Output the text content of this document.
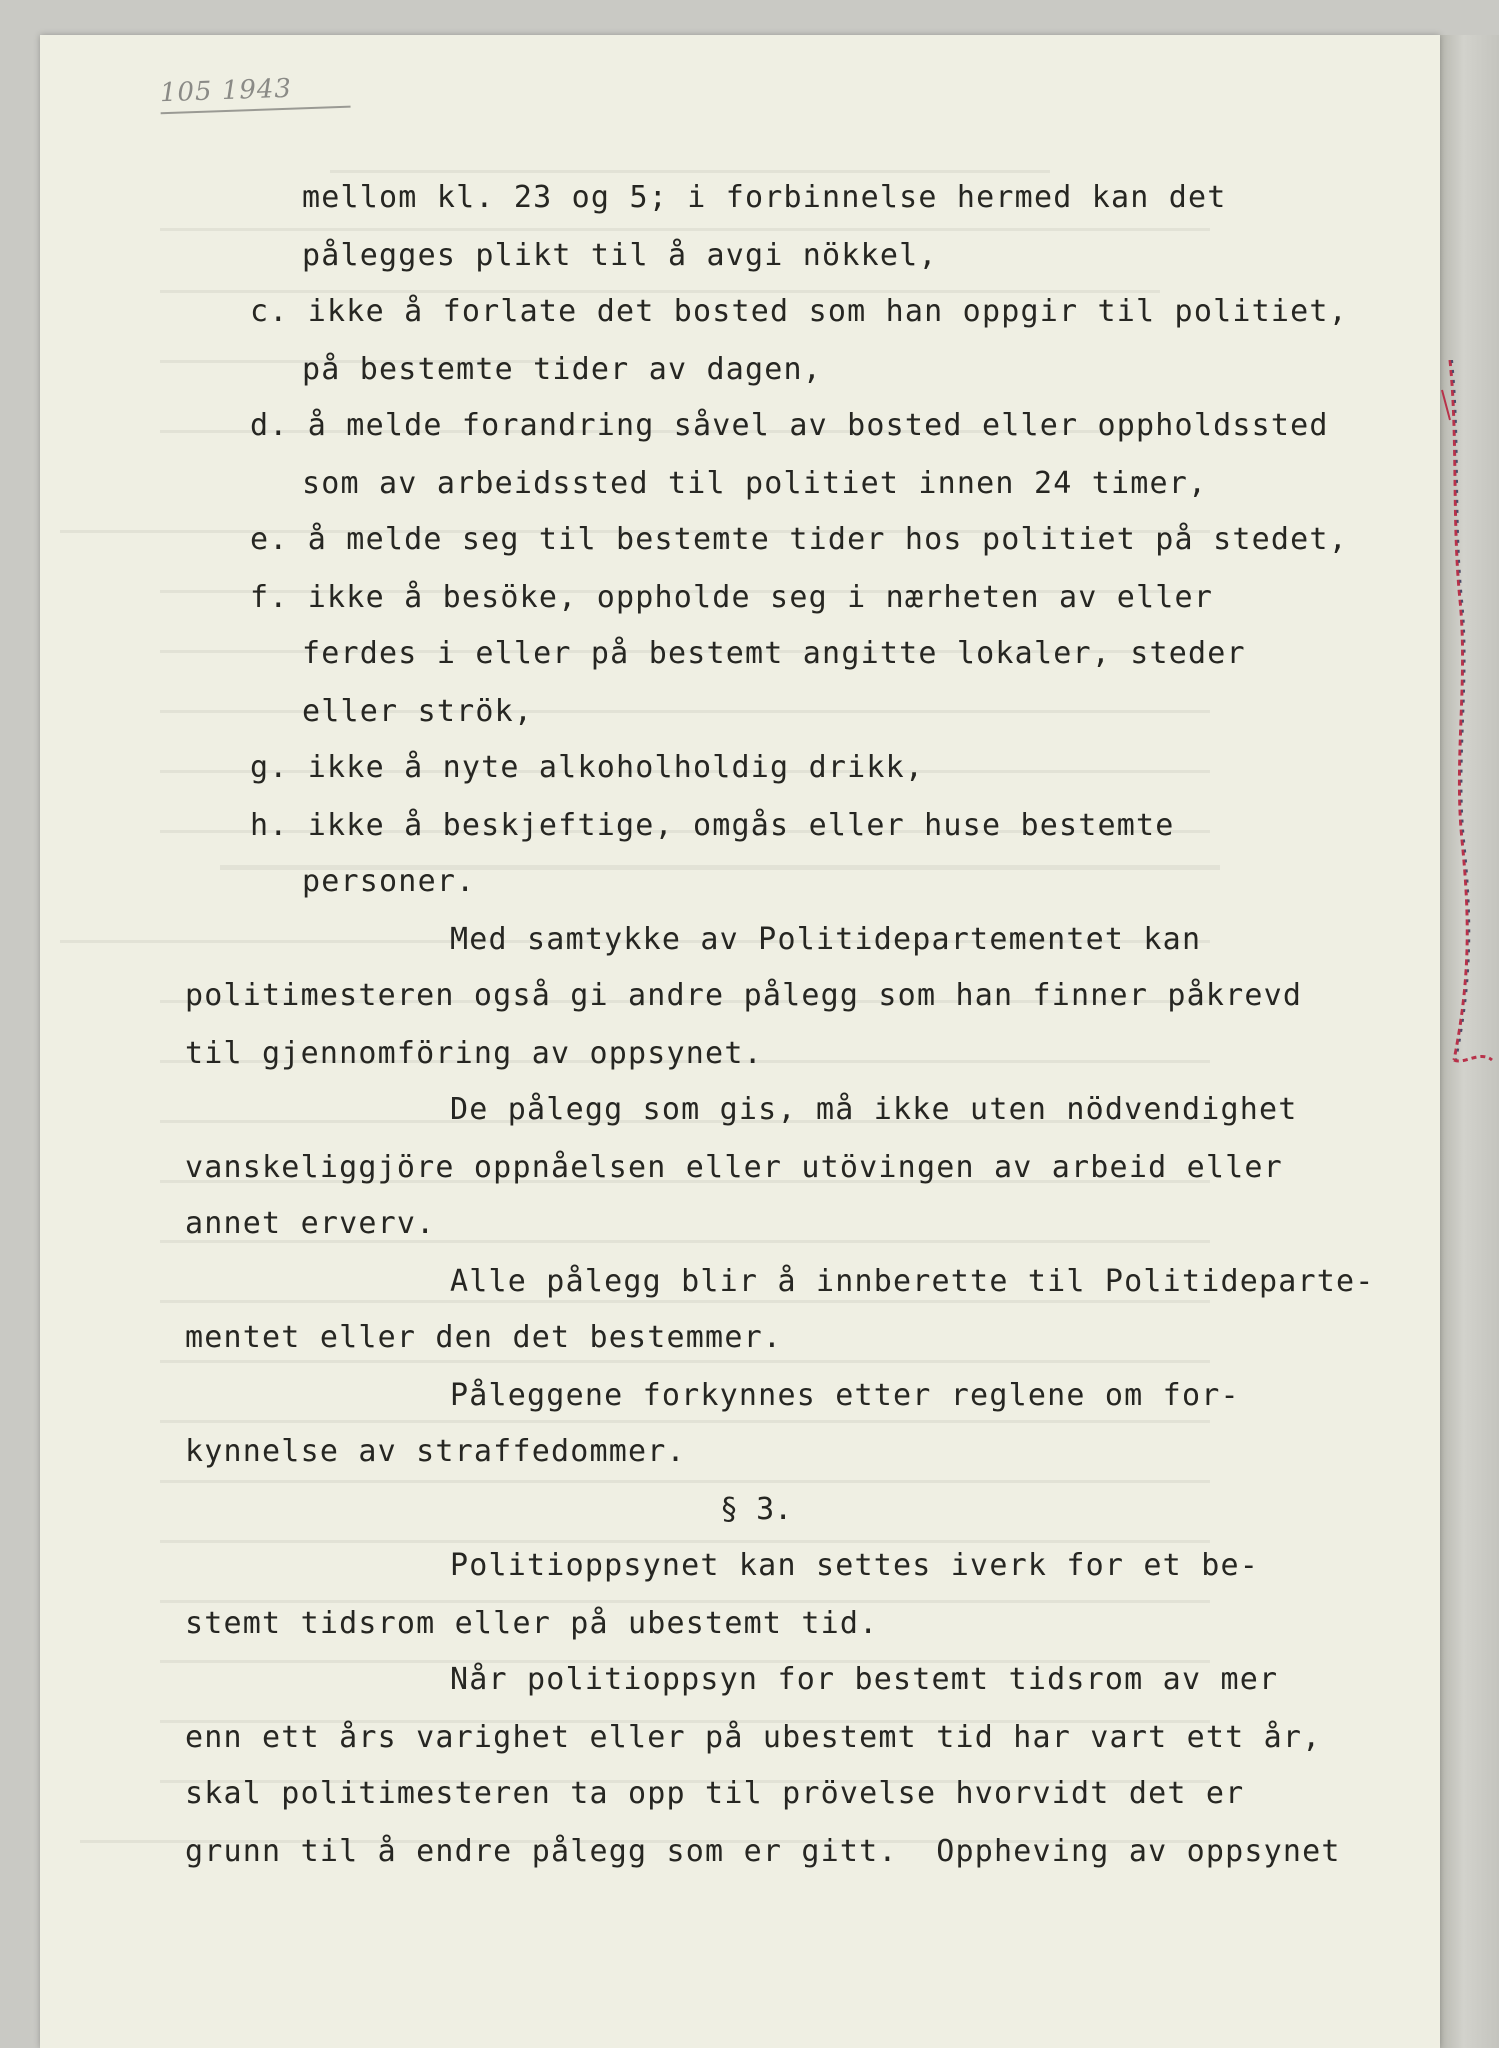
105 1943
mellom kl. 23 og 5; i forbinnelse hermed kan det
pålegges plikt til å avgi nökkel,
c. ikke å forlate det bosted som han oppgir til politiet,
på bestemte tider av dagen,
d. å melde forandring såvel av bosted eller oppholdssted
som av arbeidssted til politiet innen 24 timer,
e. å melde seg til bestemte tider hos politiet på stedet,
f. ikke å besöke, oppholde seg i nærheten av eller
ferdes i eller på bestemt angitte lokaler, steder
eller strök,
g. ikke å nyte alkoholholdig drikk,
h. ikke å beskjeftige, omgås eller huse bestemte
personer.
Med samtykke av Politidepartementet kan
politimesteren også gi andre pålegg som han finner påkrevd
til gjennomföring av oppsynet.
De pålegg som gis, må ikke uten nödvendighet
vanskeliggjöre oppnåelsen eller utövingen av arbeid eller
annet erverv.
Alle pålegg blir å innberette til Politideparte-
mentet eller den det bestemmer.
Påleggene forkynnes etter reglene om for-
kynnelse av straffedommer.
§ 3.
Politioppsynet kan settes iverk for et be-
stemt tidsrom eller på ubestemt tid.
Når politioppsyn for bestemt tidsrom av mer
enn ett års varighet eller på ubestemt tid har vart ett år,
skal politimesteren ta opp til prövelse hvorvidt det er
grunn til å endre pålegg som er gitt.  Oppheving av oppsynet
